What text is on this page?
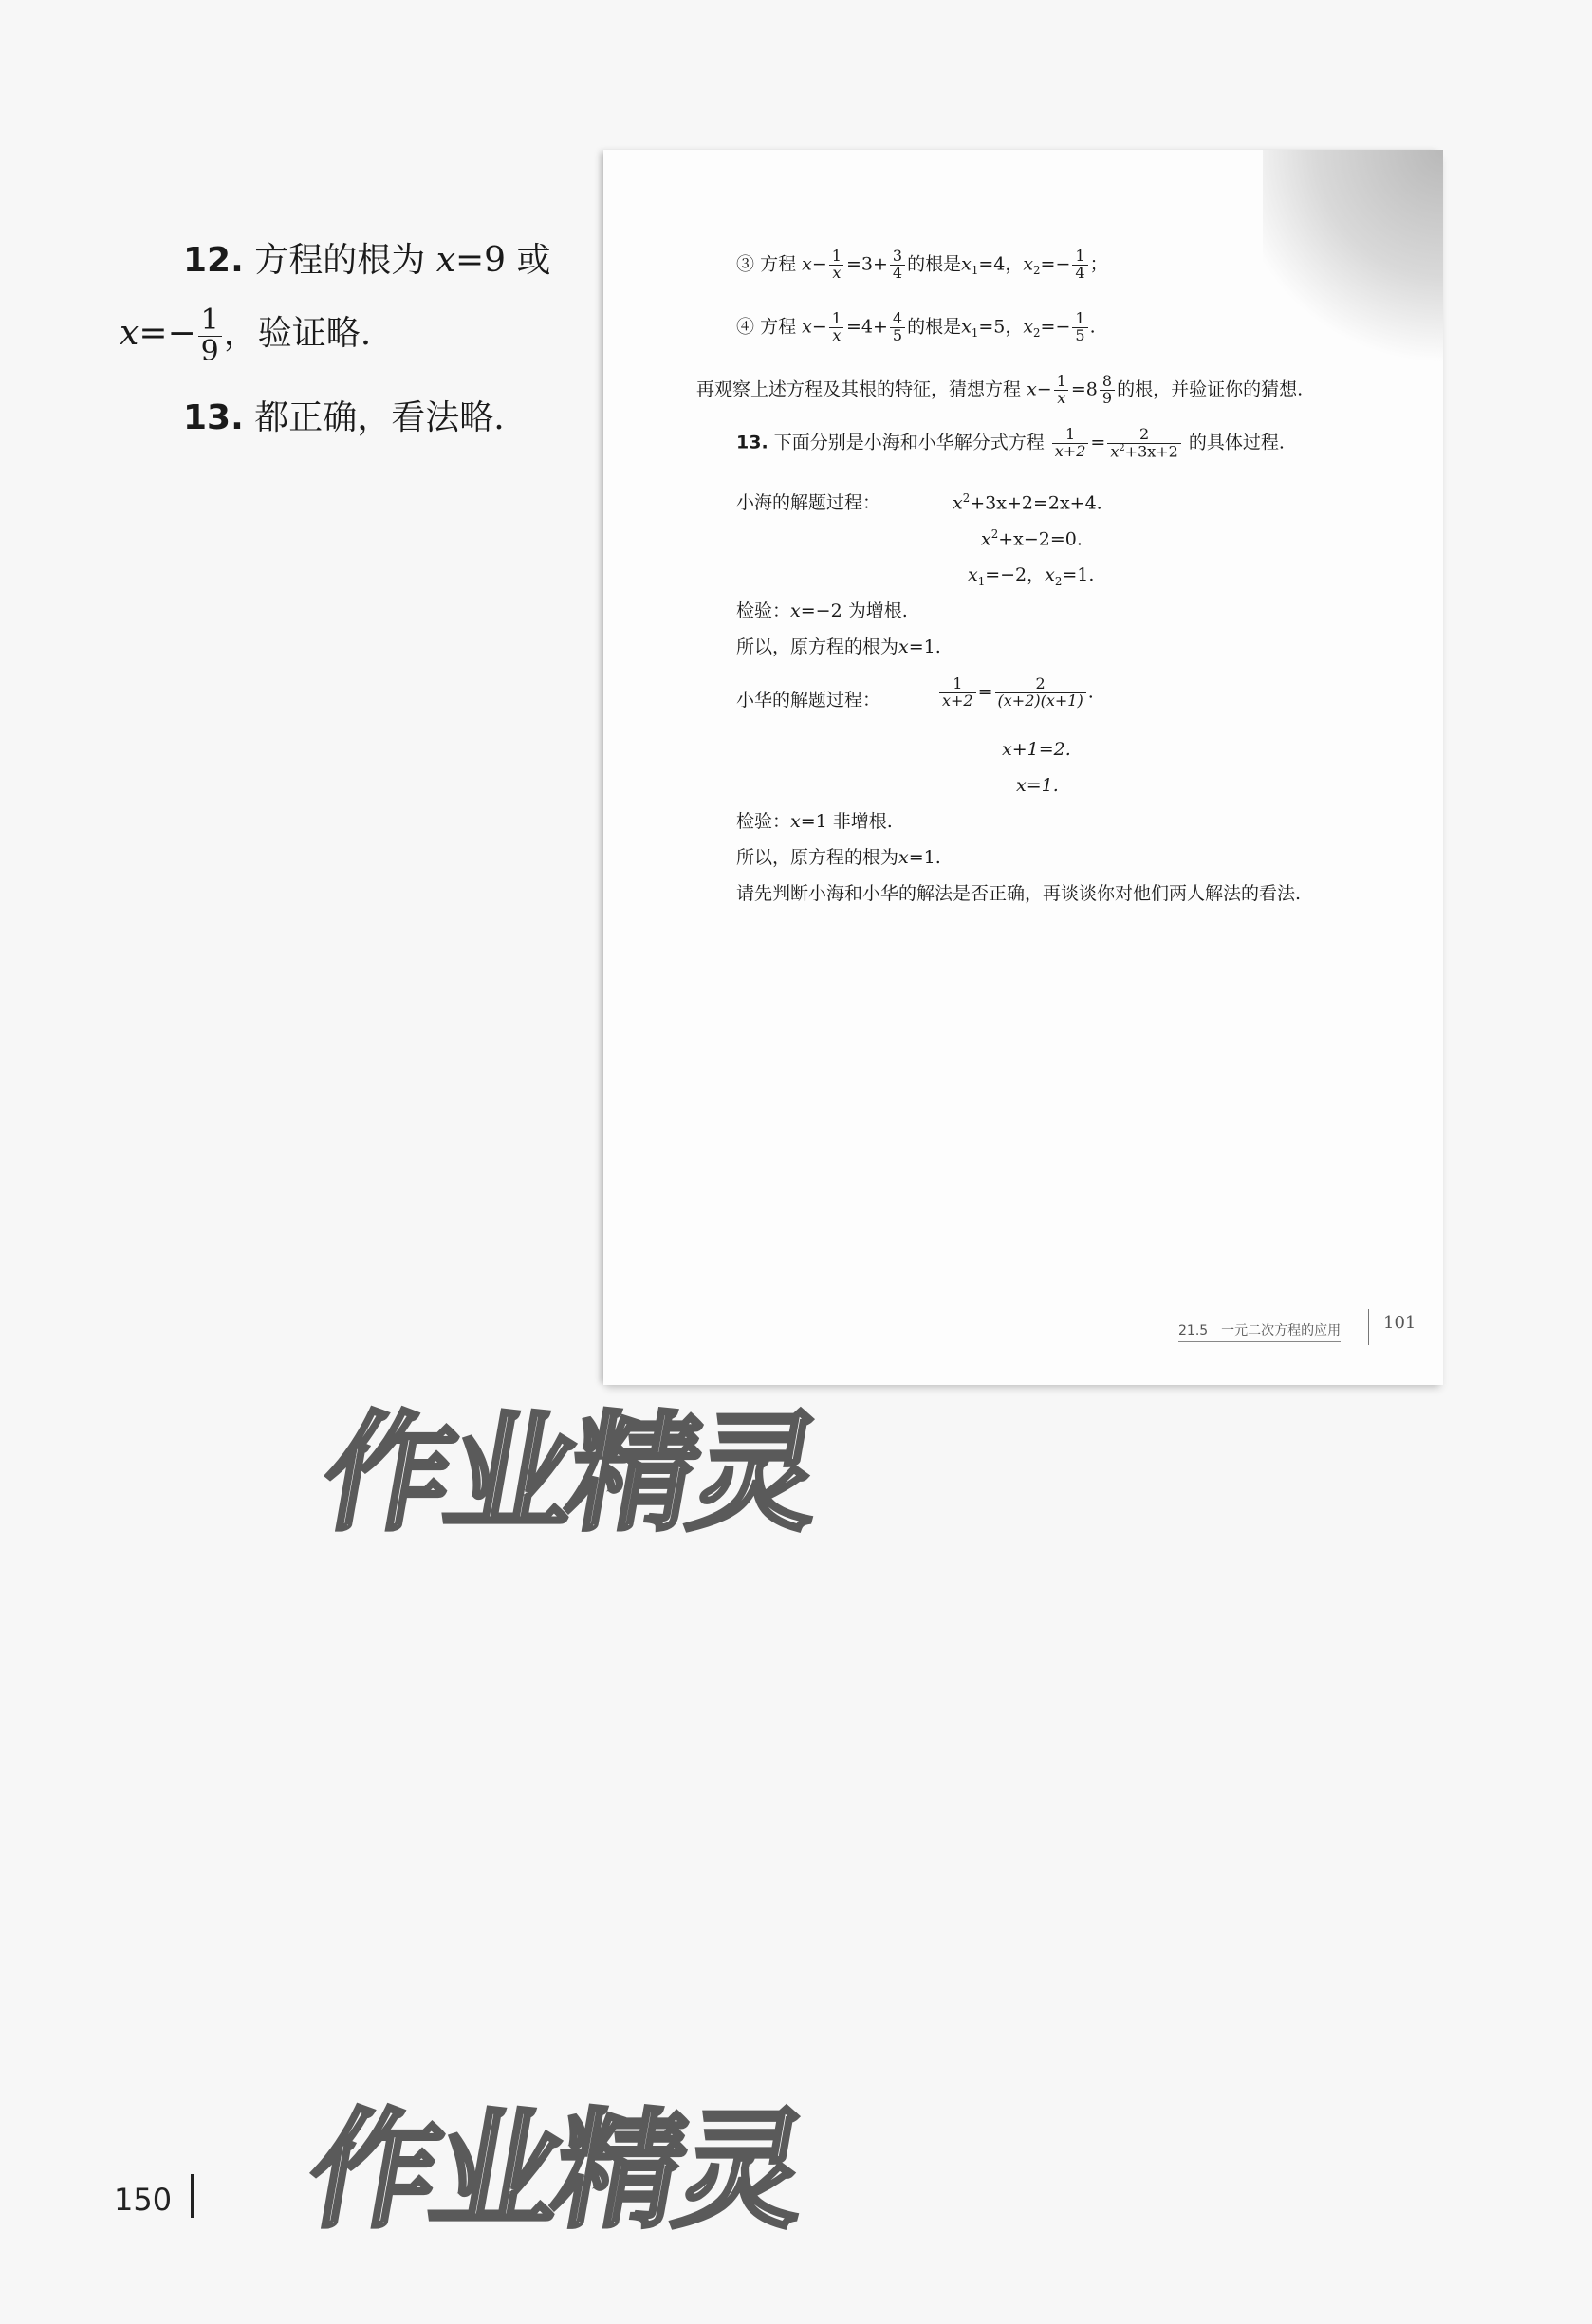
12. 方程的根为 x=9 或
$x=- \frac{1}{9}$ ，验证略.
13. 都正确，看法略.
③ 方程 $x- \frac{1}{x} =3+ \frac{3}{4}$ 的根是$x_1=4$，$x_2=- \frac{1}{4}$ ；
④ 方程 $x- \frac{1}{x} =4+ \frac{4}{5}$ 的根是$x_1=5$，$x_2=- \frac{1}{5}$ .
再观察上述方程及其根的特征，猜想方程 $x- \frac{1}{x} =8 \frac{8}{9}$ 的根，并验证你的猜想.
13. 下面分别是小海和小华解分式方程 $\frac{1}{x+2} = \frac{2}{x^2+3x+2}$ 的具体过程.
小海的解题过程：	$x^2+3x+2=2x+4$.
$x^2+x-2=0$.
$x_1=-2$，$x_2=1$.
检验：x=−2 为增根.
所以，原方程的根为x=1.
小华的解题过程：	$\frac{1}{x+2} = \frac{2}{(x+2)(x+1)}$ .
x+1=2.
x=1.
检验：x=1 非增根.
所以，原方程的根为x=1.
请先判断小海和小华的解法是否正确，再谈谈你对他们两人解法的看法.
21.5　一元二次方程的应用 101
作业精灵
作业精灵
150
